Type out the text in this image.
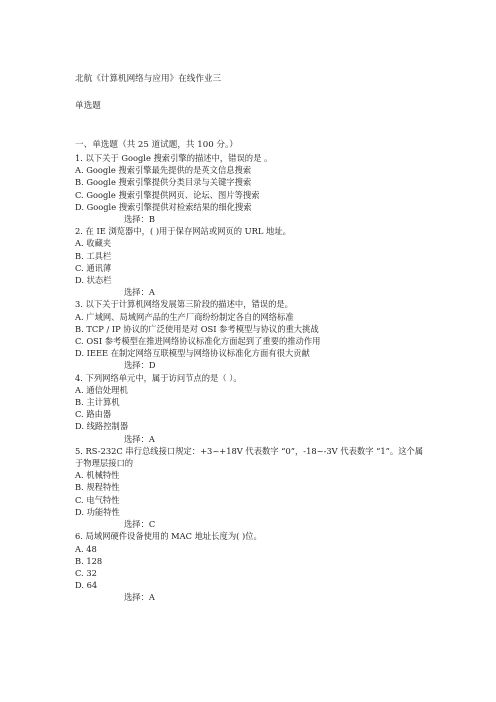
北航《计算机网络与应用》在线作业三
单选题
一、单选题（共 25 道试题，共 100 分。）
1. 以下关于 Google 搜索引擎的描述中，错误的是 。
A. Google 搜索引擎最先提供的是英文信息搜索
B. Google 搜索引擎提供分类目录与关键字搜索
C. Google 搜索引擎提供网页、论坛、图片等搜索
D. Google 搜索引擎提供对检索结果的细化搜索
选择：B
2. 在 IE 浏览器中，( )用于保存网站或网页的 URL 地址。
A. 收藏夹
B. 工具栏
C. 通讯薄
D. 状态栏
选择：A
3. 以下关于计算机网络发展第三阶段的描述中，错误的是。
A. 广域网、局域网产品的生产厂商纷纷制定各自的网络标准
B. TCP / IP 协议的广泛使用是对 OSI 参考模型与协议的重大挑战
C. OSI 参考模型在推进网络协议标准化方面起到了重要的推动作用
D. IEEE 在制定网络互联模型与网络协议标准化方面有很大贡献
选择：D
4. 下列网络单元中，属于访问节点的是（ ）。
A. 通信处理机
B. 主计算机
C. 路由器
D. 线路控制器
选择：A
5. RS-232C 串行总线接口规定：+3~+18V 代表数字 “0”，-18~-3V 代表数字 “1”。这个属于物理层接口的
A. 机械特性
B. 规程特性
C. 电气特性
D. 功能特性
选择：C
6. 局域网硬件设备使用的 MAC 地址长度为( )位。
A. 48
B. 128
C. 32
D. 64
选择：A
